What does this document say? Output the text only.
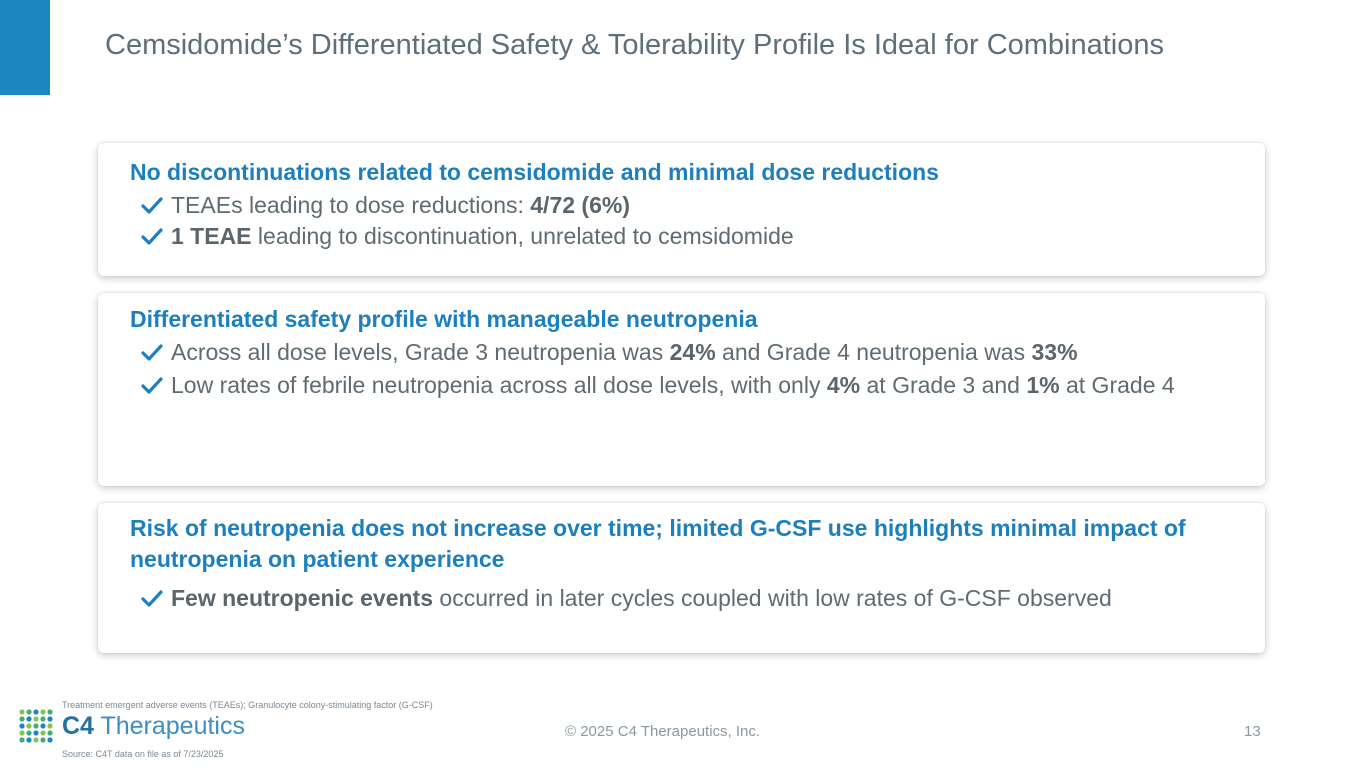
Cemsidomide’s Differentiated Safety & Tolerability Profile Is Ideal for Combinations
No discontinuations related to cemsidomide and minimal dose reductions
TEAEs leading to dose reductions: 4/72 (6%)
1 TEAE leading to discontinuation, unrelated to cemsidomide
Differentiated safety profile with manageable neutropenia
Across all dose levels, Grade 3 neutropenia was 24% and Grade 4 neutropenia was 33%
Low rates of febrile neutropenia across all dose levels, with only 4% at Grade 3 and 1% at Grade 4
Risk of neutropenia does not increase over time; limited G-CSF use highlights minimal impact of neutropenia on patient experience
Few neutropenic events occurred in later cycles coupled with low rates of G-CSF observed
Treatment emergent adverse events (TEAEs); Granulocyte colony-stimulating factor (G-CSF)
C4 Therapeutics	© 2025 C4 Therapeutics, Inc.	13
Source: C4T data on file as of 7/23/2025
